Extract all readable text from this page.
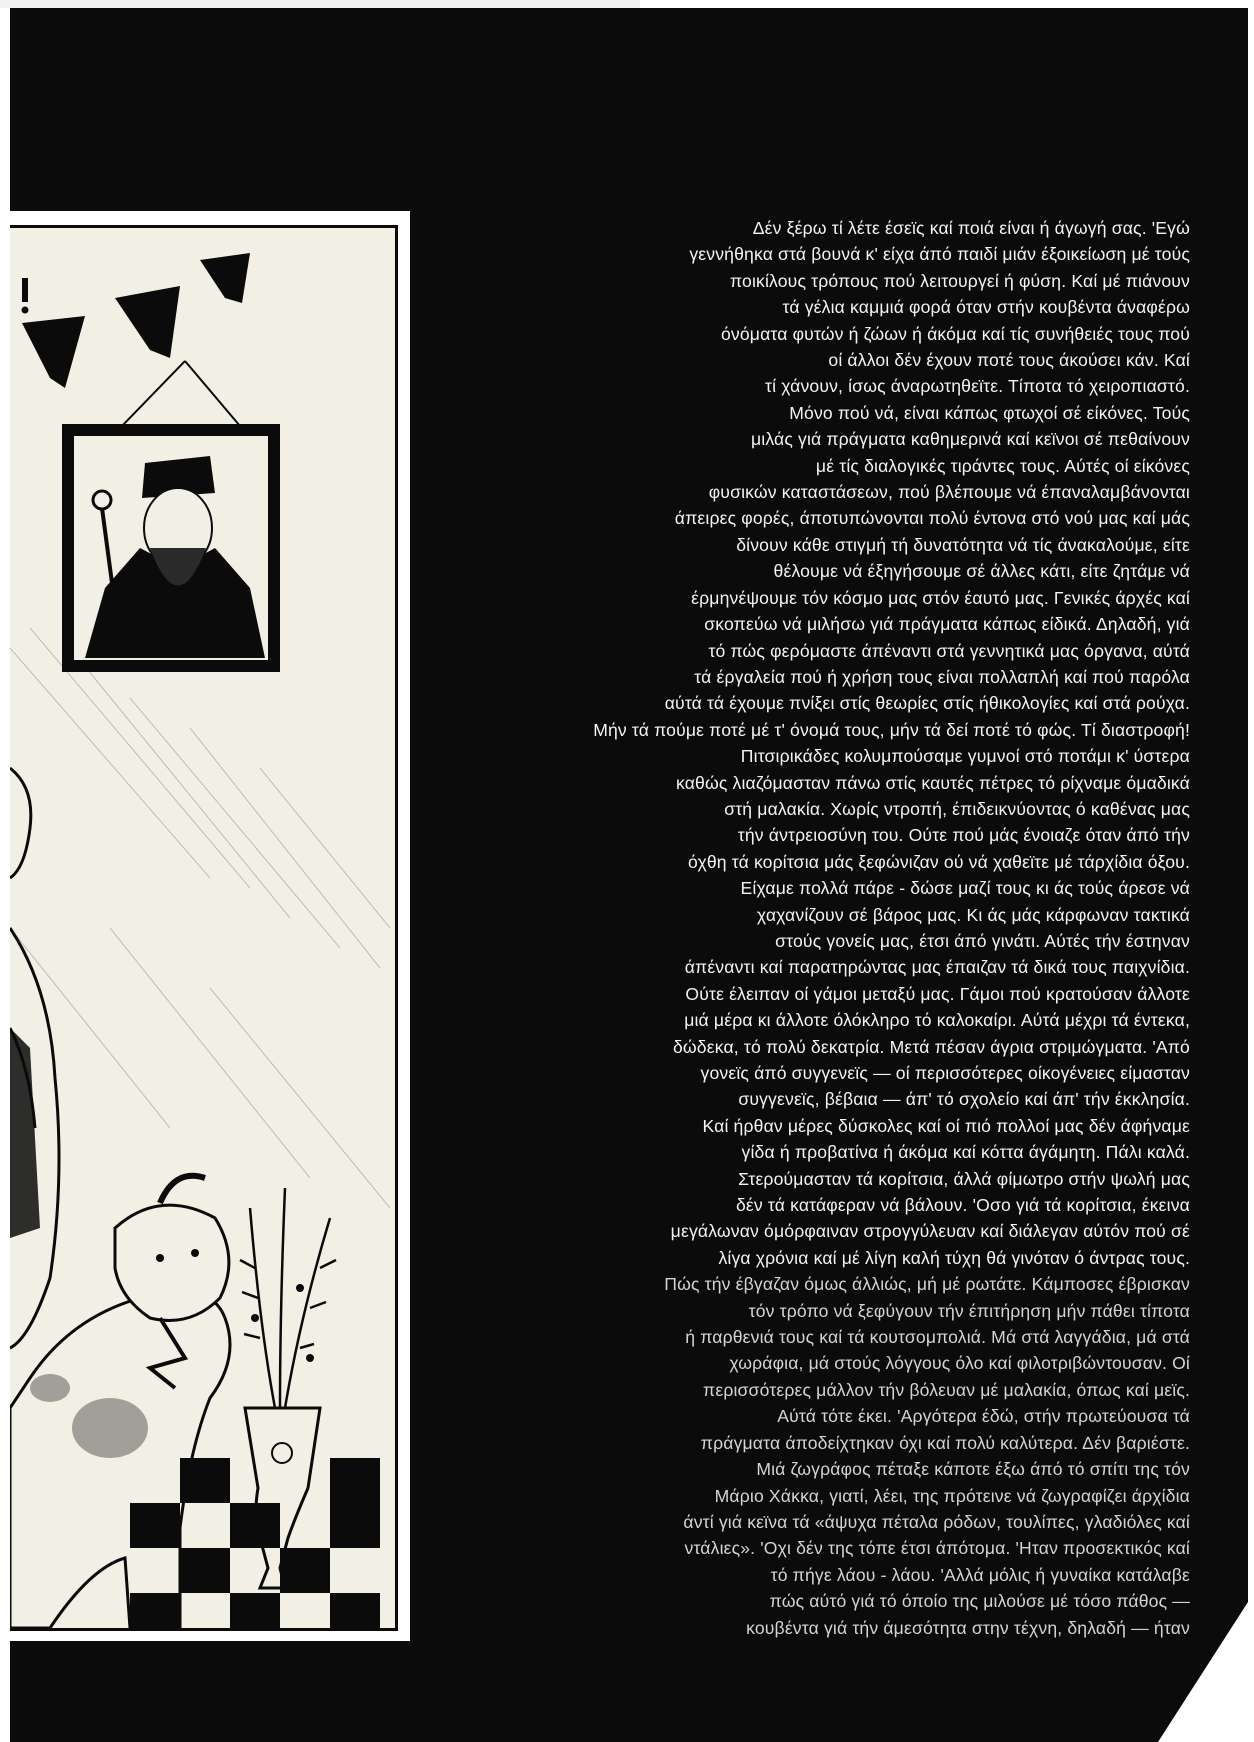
Δέν ξέρω τί λέτε έσεϊς καί ποιά είναι ή άγωγή σας. 'Εγώ
γεννήθηκα στά βουνά κ' είχα άπό παιδί μιάν έξοικείωση μέ τούς
ποικίλους τρόπους πού λειτουργεί ή φύση. Καί μέ πιάνουν
τά γέλια καμμιά φορά όταν στήν κουβέντα άναφέρω
όνόματα φυτών ή ζώων ή άκόμα καί τίς συνήθειές τους πού
οί άλλοι δέν έχουν ποτέ τους άκούσει κάν. Καί
τί χάνουν, ίσως άναρωτηθεϊτε. Τίποτα τό χειροπιαστό.
Μόνο πού νά, είναι κάπως φτωχοί σέ είκόνες. Τούς
μιλάς γιά πράγματα καθημερινά καί κεϊνοι σέ πεθαίνουν
μέ τίς διαλογικές τιράντες τους. Αύτές οί είκόνες
φυσικών καταστάσεων, πού βλέπουμε νά έπαναλαμβάνονται
άπειρες φορές, άποτυπώνονται πολύ έντονα στό νού μας καί μάς
δίνουν κάθε στιγμή τή δυνατότητα νά τίς άνακαλούμε, είτε
θέλουμε νά έξηγήσουμε σέ άλλες κάτι, είτε ζητάμε νά
έρμηνέψουμε τόν κόσμο μας στόν έαυτό μας. Γενικές άρχές καί
σκοπεύω νά μιλήσω γιά πράγματα κάπως είδικά. Δηλαδή, γιά
τό πώς φερόμαστε άπέναντι στά γεννητικά μας όργανα, αύτά
τά έργαλεία πού ή χρήση τους είναι πολλαπλή καί πού παρόλα
αύτά τά έχουμε πνίξει στίς θεωρίες στίς ήθικολογίες καί στά ρούχα.
Μήν τά πούμε ποτέ μέ τ' όνομά τους, μήν τά δεί ποτέ τό φώς. Τί διαστροφή!
Πιτσιρικάδες κολυμπούσαμε γυμνοί στό ποτάμι κ' ύστερα
καθώς λιαζόμασταν πάνω στίς καυτές πέτρες τό ρίχναμε όμαδικά
στή μαλακία. Χωρίς ντροπή, έπιδεικνύοντας ό καθένας μας
τήν άντρειοσύνη του. Ούτε πού μάς ένοιαζε όταν άπό τήν
όχθη τά κορίτσια μάς ξεφώνιζαν ού νά χαθεϊτε μέ τάρχίδια όξου.
Είχαμε πολλά πάρε - δώσε μαζί τους κι άς τούς άρεσε νά
χαχανίζουν σέ βάρος μας. Κι άς μάς κάρφωναν τακτικά
στούς γονείς μας, έτσι άπό γινάτι. Αύτές τήν έστηναν
άπέναντι καί παρατηρώντας μας έπαιζαν τά δικά τους παιχνίδια.
Ούτε έλειπαν οί γάμοι μεταξύ μας. Γάμοι πού κρατούσαν άλλοτε
μιά μέρα κι άλλοτε όλόκληρο τό καλοκαίρι. Αύτά μέχρι τά έντεκα,
δώδεκα, τό πολύ δεκατρία. Μετά πέσαν άγρια στριμώγματα. 'Από
γονεϊς άπό συγγενεϊς — οί περισσότερες οίκογένειες είμασταν
συγγενεϊς, βέβαια — άπ' τό σχολείο καί άπ' τήν έκκλησία.
Καί ήρθαν μέρες δύσκολες καί οί πιό πολλοί μας δέν άφήναμε
γίδα ή προβατίνα ή άκόμα καί κόττα άγάμητη. Πάλι καλά.
Στερούμασταν τά κορίτσια, άλλά φίμωτρο στήν ψωλή μας
δέν τά κατάφεραν νά βάλουν. 'Οσο γιά τά κορίτσια, έκεινα
μεγάλωναν όμόρφαιναν στρογγύλευαν καί διάλεγαν αύτόν πού σέ
λίγα χρόνια καί μέ λίγη καλή τύχη θά γινόταν ό άντρας τους.
Πώς τήν έβγαζαν όμως άλλιώς, μή μέ ρωτάτε. Κάμποσες έβρισκαν
τόν τρόπο νά ξεφύγουν τήν έπιτήρηση μήν πάθει τίποτα
ή παρθενιά τους καί τά κουτσομπολιά. Μά στά λαγγάδια, μά στά
χωράφια, μά στούς λόγγους όλο καί φιλοτριβώντουσαν. Οί
περισσότερες μάλλον τήν βόλευαν μέ μαλακία, όπως καί μεϊς.
Αύτά τότε έκει. 'Αργότερα έδώ, στήν πρωτεύουσα τά
πράγματα άποδείχτηκαν όχι καί πολύ καλύτερα. Δέν βαριέστε.
Μιά ζωγράφος πέταξε κάποτε έξω άπό τό σπίτι της τόν
Μάριο Χάκκα, γιατί, λέει, της πρότεινε νά ζωγραφίζει άρχίδια
άντί γιά κεϊνα τά «άψυχα πέταλα ρόδων, τουλίπες, γλαδιόλες καί
ντάλιες». 'Οχι δέν της τόπε έτσι άπότομα. 'Ηταν προσεκτικός καί
τό πήγε λάου - λάου. 'Αλλά μόλις ή γυναίκα κατάλαβε
πώς αύτό γιά τό όποίο της μιλούσε μέ τόσο πάθος —
κουβέντα γιά τήν άμεσότητα στην τέχνη, δηλαδή — ήταν
